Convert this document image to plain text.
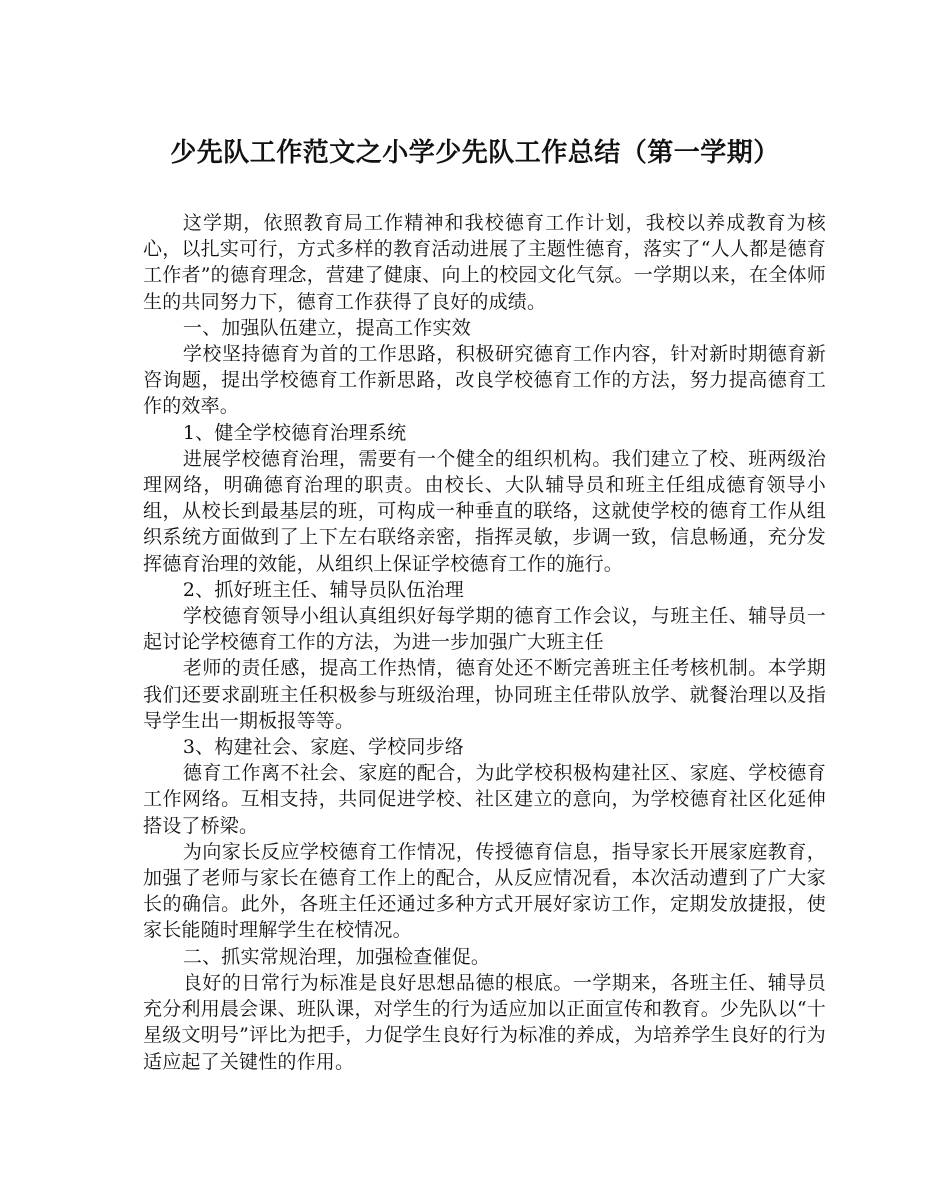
少先队工作范文之小学少先队工作总结（第一学期）

这学期，依照教育局工作精神和我校德育工作计划，我校以养成教育为核心，以扎实可行，方式多样的教育活动进展了主题性德育，落实了“人人都是德育工作者”的德育理念，营建了健康、向上的校园文化气氛。一学期以来，在全体师生的共同努力下，德育工作获得了良好的成绩。

一、加强队伍建立，提高工作实效

学校坚持德育为首的工作思路，积极研究德育工作内容，针对新时期德育新咨询题，提出学校德育工作新思路，改良学校德育工作的方法，努力提高德育工作的效率。

1、健全学校德育治理系统

进展学校德育治理，需要有一个健全的组织机构。我们建立了校、班两级治理网络，明确德育治理的职责。由校长、大队辅导员和班主任组成德育领导小组，从校长到最基层的班，可构成一种垂直的联络，这就使学校的德育工作从组织系统方面做到了上下左右联络亲密，指挥灵敏，步调一致，信息畅通，充分发挥德育治理的效能，从组织上保证学校德育工作的施行。

2、抓好班主任、辅导员队伍治理

学校德育领导小组认真组织好每学期的德育工作会议，与班主任、辅导员一起讨论学校德育工作的方法，为进一步加强广大班主任

老师的责任感，提高工作热情，德育处还不断完善班主任考核机制。本学期我们还要求副班主任积极参与班级治理，协同班主任带队放学、就餐治理以及指导学生出一期板报等等。

3、构建社会、家庭、学校同步络

德育工作离不社会、家庭的配合，为此学校积极构建社区、家庭、学校德育工作网络。互相支持，共同促进学校、社区建立的意向，为学校德育社区化延伸搭设了桥梁。

为向家长反应学校德育工作情况，传授德育信息，指导家长开展家庭教育，加强了老师与家长在德育工作上的配合，从反应情况看，本次活动遭到了广大家长的确信。此外，各班主任还通过多种方式开展好家访工作，定期发放捷报，使家长能随时理解学生在校情况。

二、抓实常规治理，加强检查催促。

良好的日常行为标准是良好思想品德的根底。一学期来，各班主任、辅导员充分利用晨会课、班队课，对学生的行为适应加以正面宣传和教育。少先队以“十星级文明号”评比为把手，力促学生良好行为标准的养成，为培养学生良好的行为适应起了关键性的作用。
